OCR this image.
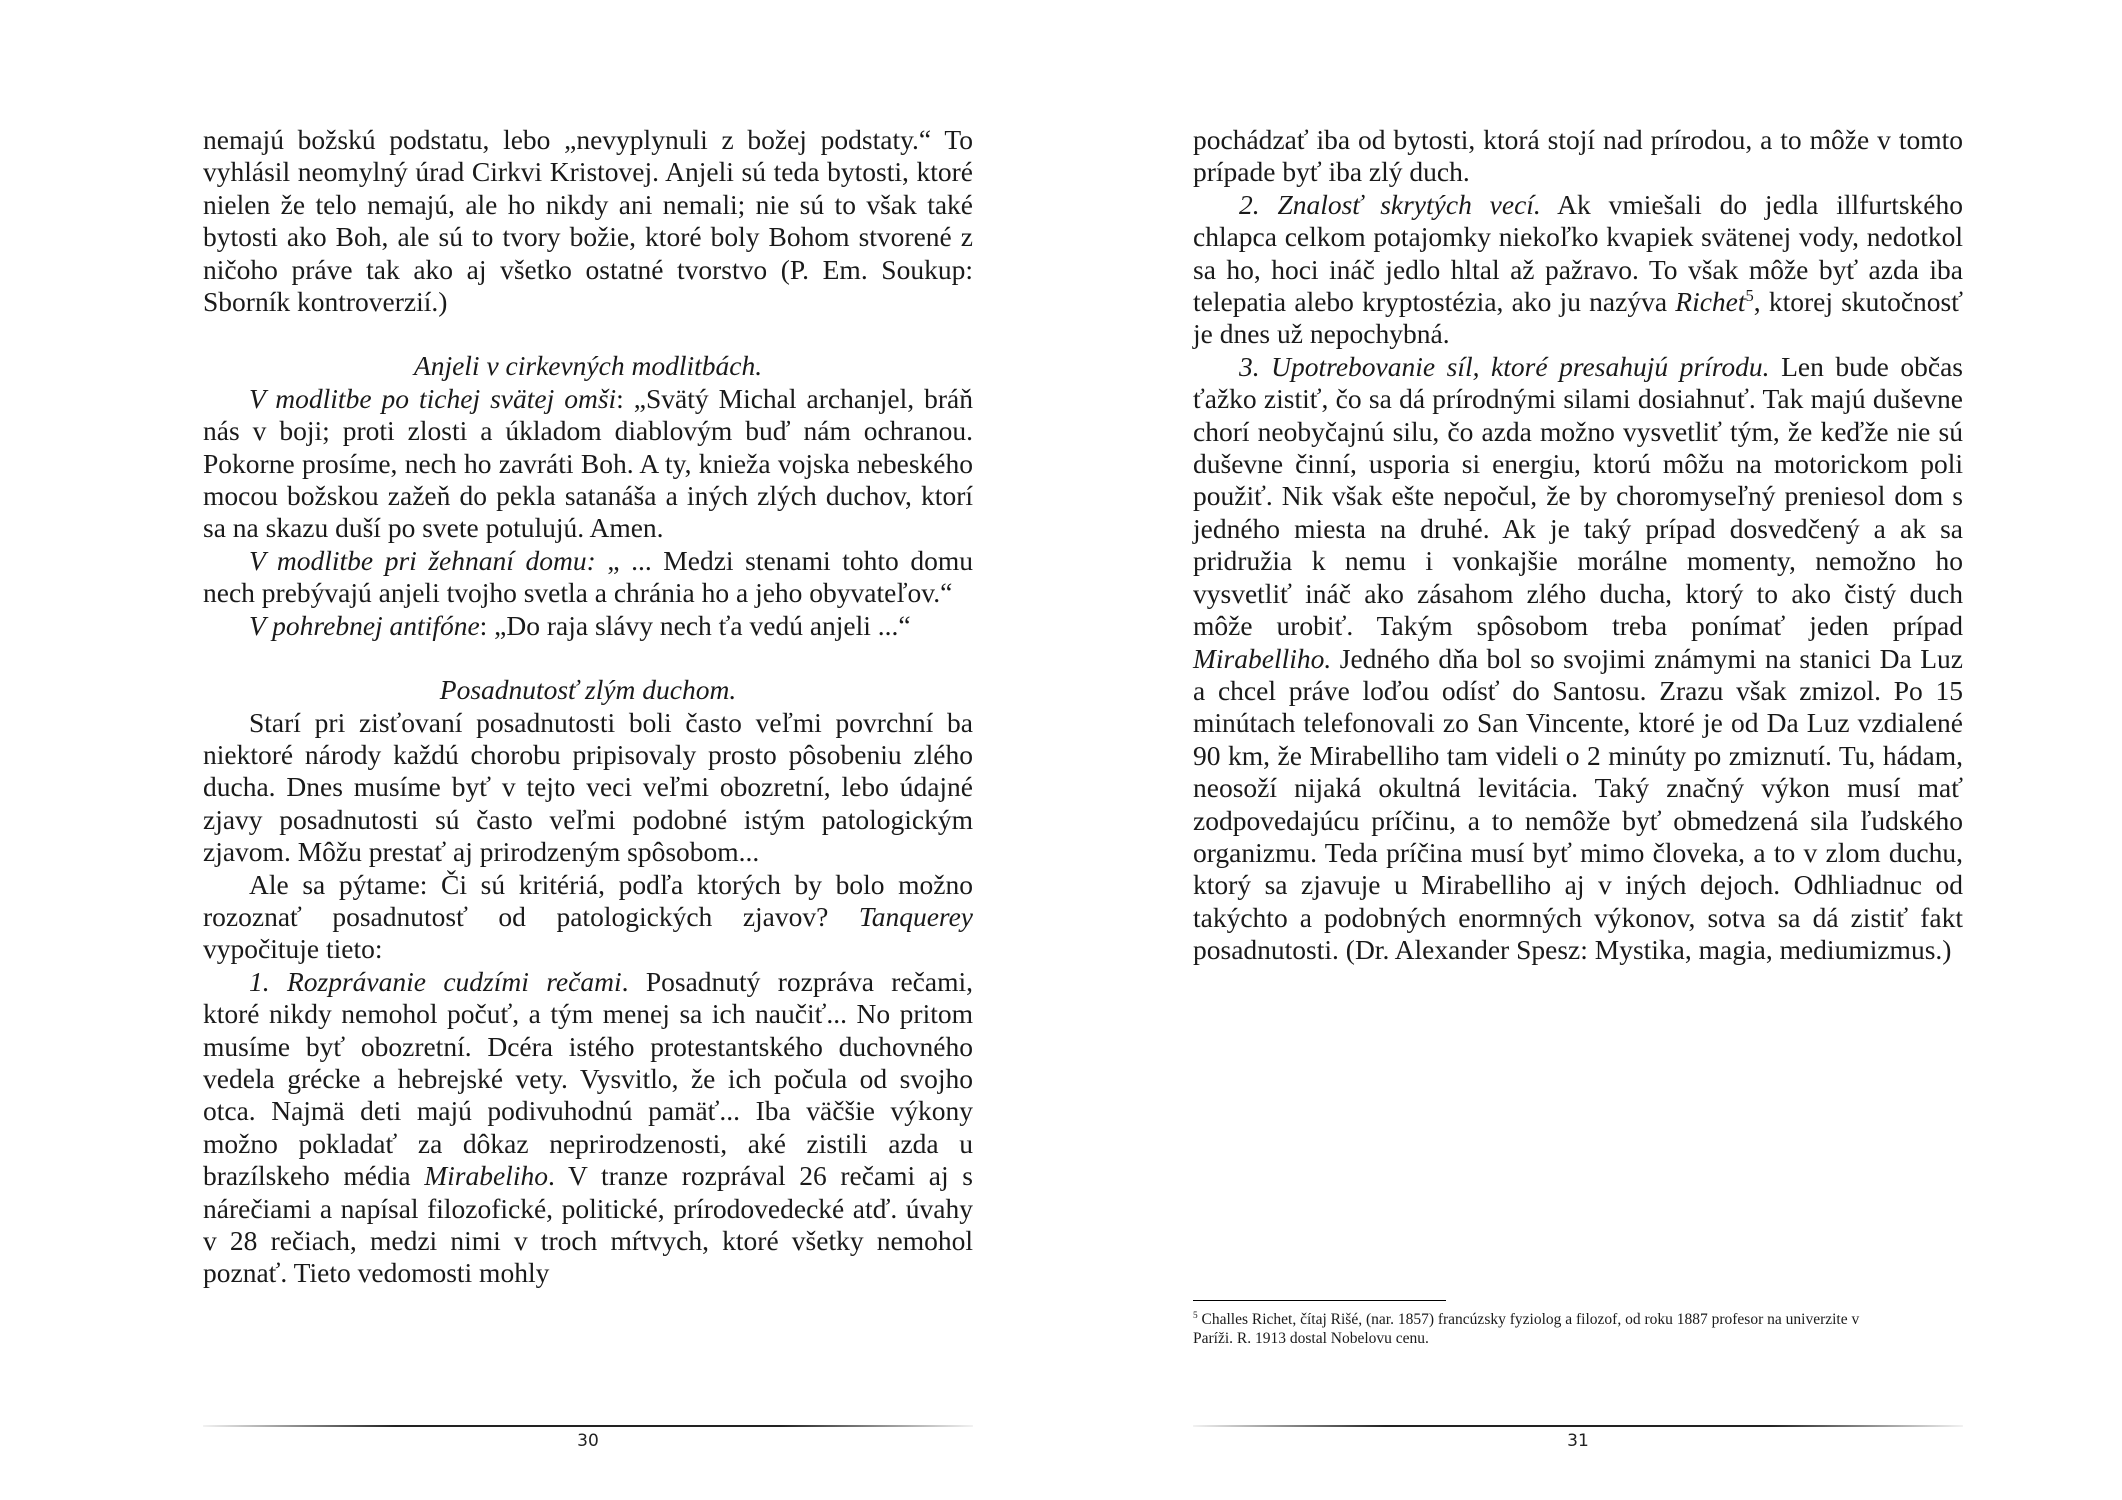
nemajú božskú podstatu, lebo „nevyplynuli z božej podstaty.“ To vyhlásil neomylný úrad Cirkvi Kristovej. Anjeli sú teda bytosti, ktoré nielen že telo nemajú, ale ho nikdy ani nemali; nie sú to však také bytosti ako Boh, ale sú to tvory božie, ktoré boly Bohom stvorené z ničoho práve tak ako aj všetko ostatné tvorstvo (P. Em. Soukup: Sborník kontroverzií.)

Anjeli v cirkevných modlitbách.

V modlitbe po tichej svätej omši: „Svätý Michal archanjel, bráň nás v boji; proti zlosti a úkladom diablovým buď nám ochranou. Pokorne prosíme, nech ho zavráti Boh. A ty, knieža vojska nebeského mocou božskou zažeň do pekla satanáša a iných zlých duchov, ktorí sa na skazu duší po svete potulujú. Amen.

V modlitbe pri žehnaní domu: „ ... Medzi stenami tohto domu nech prebývajú anjeli tvojho svetla a chránia ho a jeho obyvateľov.“

V pohrebnej antifóne: „Do raja slávy nech ťa vedú anjeli ...“

Posadnutosť zlým duchom.

Starí pri zisťovaní posadnutosti boli často veľmi povrchní ba niektoré národy každú chorobu pripisovaly prosto pôsobeniu zlého ducha. Dnes musíme byť v tejto veci veľmi obozretní, lebo údajné zjavy posadnutosti sú často veľmi podobné istým patologickým zjavom. Môžu prestať aj prirodzeným spôsobom...

Ale sa pýtame: Či sú kritériá, podľa ktorých by bolo možno rozoznať posadnutosť od patologických zjavov? Tanquerey vypočituje tieto:

1. Rozprávanie cudzími rečami. Posadnutý rozpráva rečami, ktoré nikdy nemohol počuť, a tým menej sa ich naučiť... No pritom musíme byť obozretní. Dcéra istého protestantského duchovného vedela grécke a hebrejské vety. Vysvitlo, že ich počula od svojho otca. Najmä deti majú podivuhodnú pamäť... Iba väčšie výkony možno pokladať za dôkaz neprirodzenosti, aké zistili azda u brazílskeho média Mirabeliho. V tranze rozprával 26 rečami aj s nárečiami a napísal filozofické, politické, prírodovedecké atď. úvahy v 28 rečiach, medzi nimi v troch mŕtvych, ktoré všetky nemohol poznať. Tieto vedomosti mohly

pochádzať iba od bytosti, ktorá stojí nad prírodou, a to môže v tomto prípade byť iba zlý duch.

2. Znalosť skrytých vecí. Ak vmiešali do jedla illfurtského chlapca celkom potajomky niekoľko kvapiek svätenej vody, nedotkol sa ho, hoci ináč jedlo hltal až pažravo. To však môže byť azda iba telepatia alebo kryptostézia, ako ju nazýva Richet$^5$, ktorej skutočnosť je dnes už nepochybná.

3. Upotrebovanie síl, ktoré presahujú prírodu. Len bude občas ťažko zistiť, čo sa dá prírodnými silami dosiahnuť. Tak majú duševne chorí neobyčajnú silu, čo azda možno vysvetliť tým, že keďže nie sú duševne činní, usporia si energiu, ktorú môžu na motorickom poli použiť. Nik však ešte nepočul, že by choromyseľný preniesol dom s jedného miesta na druhé. Ak je taký prípad dosvedčený a ak sa pridružia k nemu i vonkajšie morálne momenty, nemožno ho vysvetliť ináč ako zásahom zlého ducha, ktorý to ako čistý duch môže urobiť. Takým spôsobom treba ponímať jeden prípad Mirabelliho. Jedného dňa bol so svojimi známymi na stanici Da Luz a chcel práve loďou odísť do Santosu. Zrazu však zmizol. Po 15 minútach telefonovali zo San Vincente, ktoré je od Da Luz vzdialené 90 km, že Mirabelliho tam videli o 2 minúty po zmiznutí. Tu, hádam, neosoží nijaká okultná levitácia. Taký značný výkon musí mať zodpovedajúcu príčinu, a to nemôže byť obmedzená sila ľudského organizmu. Teda príčina musí byť mimo človeka, a to v zlom duchu, ktorý sa zjavuje u Mirabelliho aj v iných dejoch. Odhliadnuc od takýchto a podobných enormných výkonov, sotva sa dá zistiť fakt posadnutosti. (Dr. Alexander Spesz: Mystika, magia, mediumizmus.)

$^5$ Challes Richet, čítaj Rišé, (nar. 1857) francúzsky fyziolog a filozof, od roku 1887 profesor na univerzite v Paríži. R. 1913 dostal Nobelovu cenu.
30	31
